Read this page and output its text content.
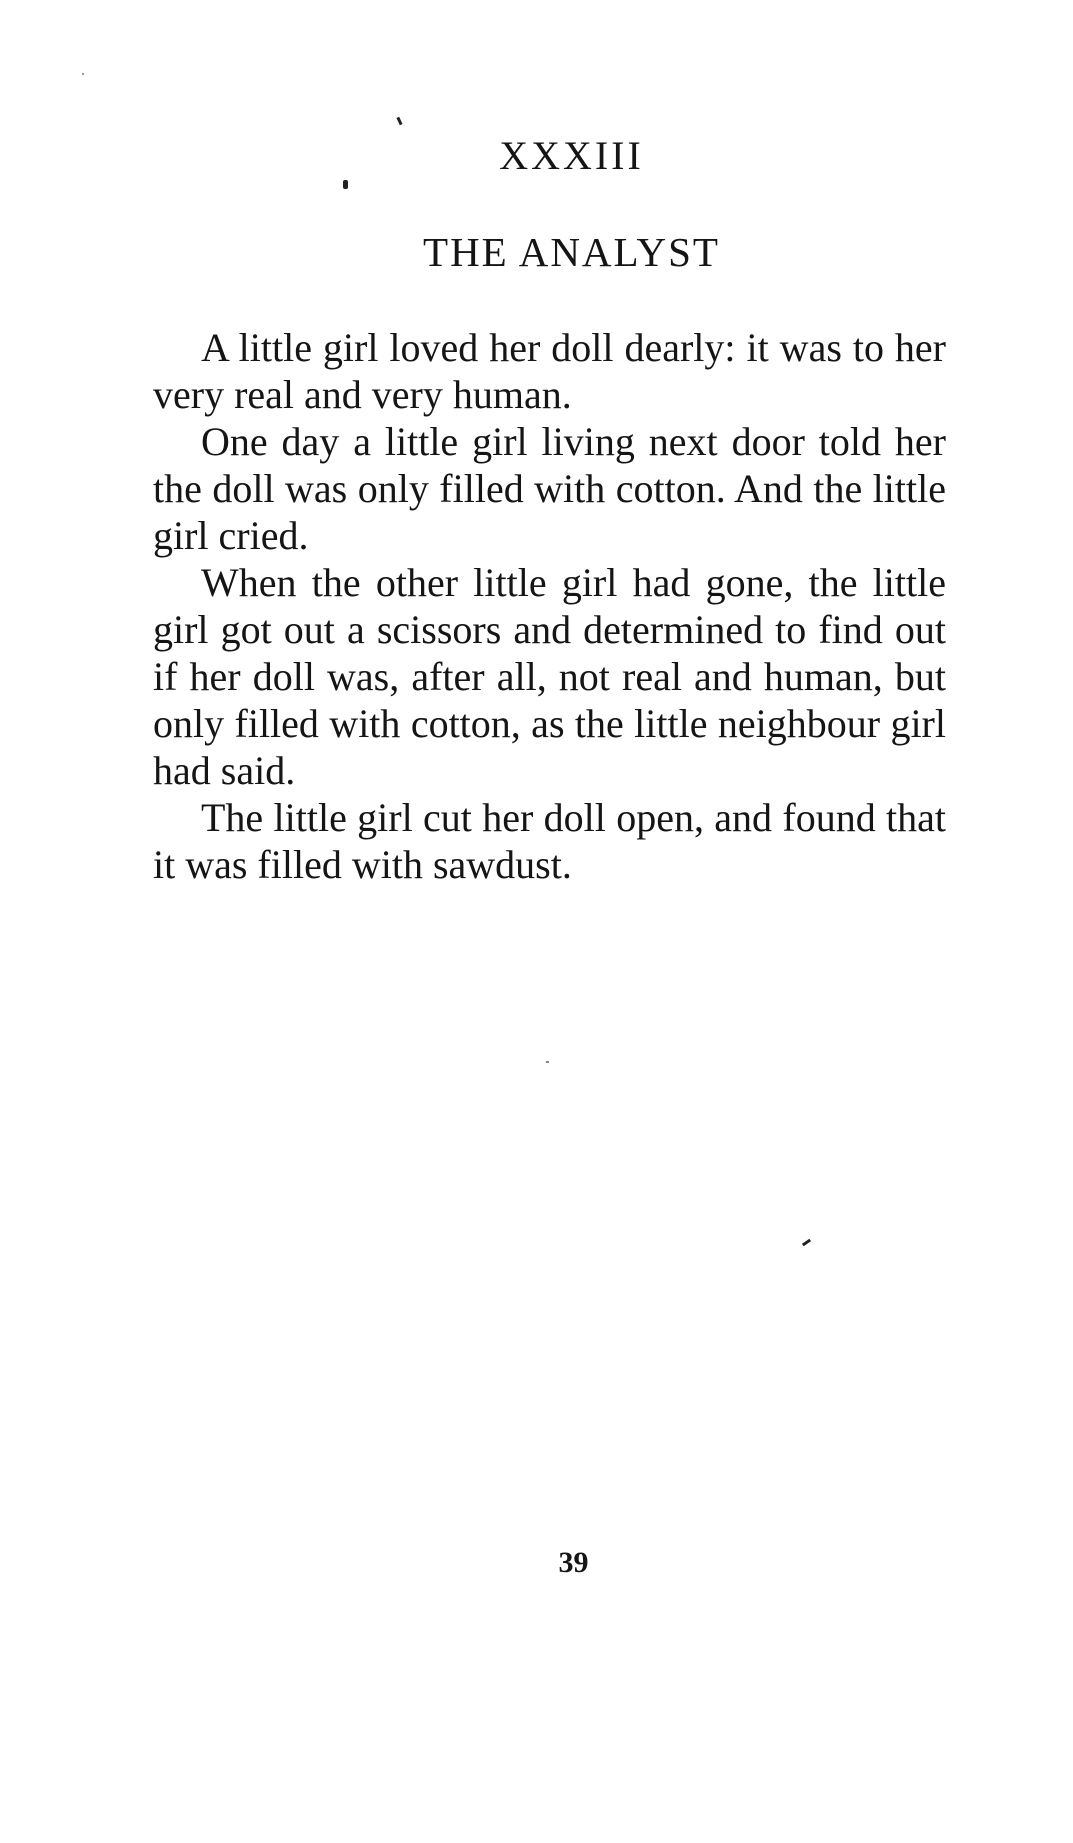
XXXIII
THE ANALYST

A little girl loved her doll dearly: it was to her very real and very human.

One day a little girl living next door told her the doll was only filled with cotton. And the little girl cried.

When the other little girl had gone, the little girl got out a scissors and determined to find out if her doll was, after all, not real and human, but only filled with cotton, as the little neighbour girl had said.

The little girl cut her doll open, and found that it was filled with sawdust.

39
